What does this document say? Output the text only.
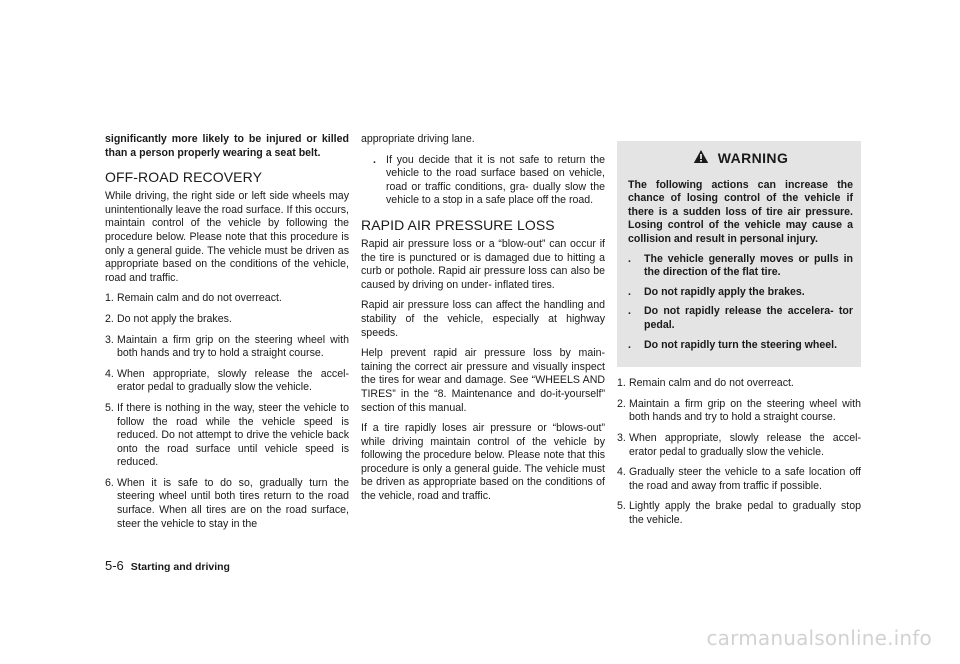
significantly more likely to be injured or killed than a person properly wearing a seat belt.

OFF-ROAD RECOVERY

While driving, the right side or left side wheels may unintentionally leave the road surface. If this occurs, maintain control of the vehicle by following the procedure below. Please note that this procedure is only a general guide. The vehicle must be driven as appropriate based on the conditions of the vehicle, road and traffic.

1. Remain calm and do not overreact.
2. Do not apply the brakes.
3. Maintain a firm grip on the steering wheel with both hands and try to hold a straight course.
4. When appropriate, slowly release the accel- erator pedal to gradually slow the vehicle.
5. If there is nothing in the way, steer the vehicle to follow the road while the vehicle speed is reduced. Do not attempt to drive the vehicle back onto the road surface until vehicle speed is reduced.
6. When it is safe to do so, gradually turn the steering wheel until both tires return to the road surface. When all tires are on the road surface, steer the vehicle to stay in the

appropriate driving lane.

. If you decide that it is not safe to return the vehicle to the road surface based on vehicle, road or traffic conditions, gra- dually slow the vehicle to a stop in a safe place off the road.
RAPID AIR PRESSURE LOSS

Rapid air pressure loss or a “blow-out” can occur if the tire is punctured or is damaged due to hitting a curb or pothole. Rapid air pressure loss can also be caused by driving on under- inflated tires.

Rapid air pressure loss can affect the handling and stability of the vehicle, especially at highway speeds.

Help prevent rapid air pressure loss by main- taining the correct air pressure and visually inspect the tires for wear and damage. See “WHEELS AND TIRES” in the “8. Maintenance and do-it-yourself” section of this manual.

If a tire rapidly loses air pressure or “blows-out” while driving maintain control of the vehicle by following the procedure below. Please note that this procedure is only a general guide. The vehicle must be driven as appropriate based on the conditions of the vehicle, road and traffic.

WARNING

The following actions can increase the chance of losing control of the vehicle if there is a sudden loss of tire air pressure. Losing control of the vehicle may cause a collision and result in personal injury.

. The vehicle generally moves or pulls in the direction of the flat tire.
. Do not rapidly apply the brakes.
. Do not rapidly release the accelera- tor pedal.
. Do not rapidly turn the steering wheel.
1. Remain calm and do not overreact.
2. Maintain a firm grip on the steering wheel with both hands and try to hold a straight course.
3. When appropriate, slowly release the accel- erator pedal to gradually slow the vehicle.
4. Gradually steer the vehicle to a safe location off the road and away from traffic if possible.
5. Lightly apply the brake pedal to gradually stop the vehicle.
5-6 Starting and driving
carmanualsonline.info
